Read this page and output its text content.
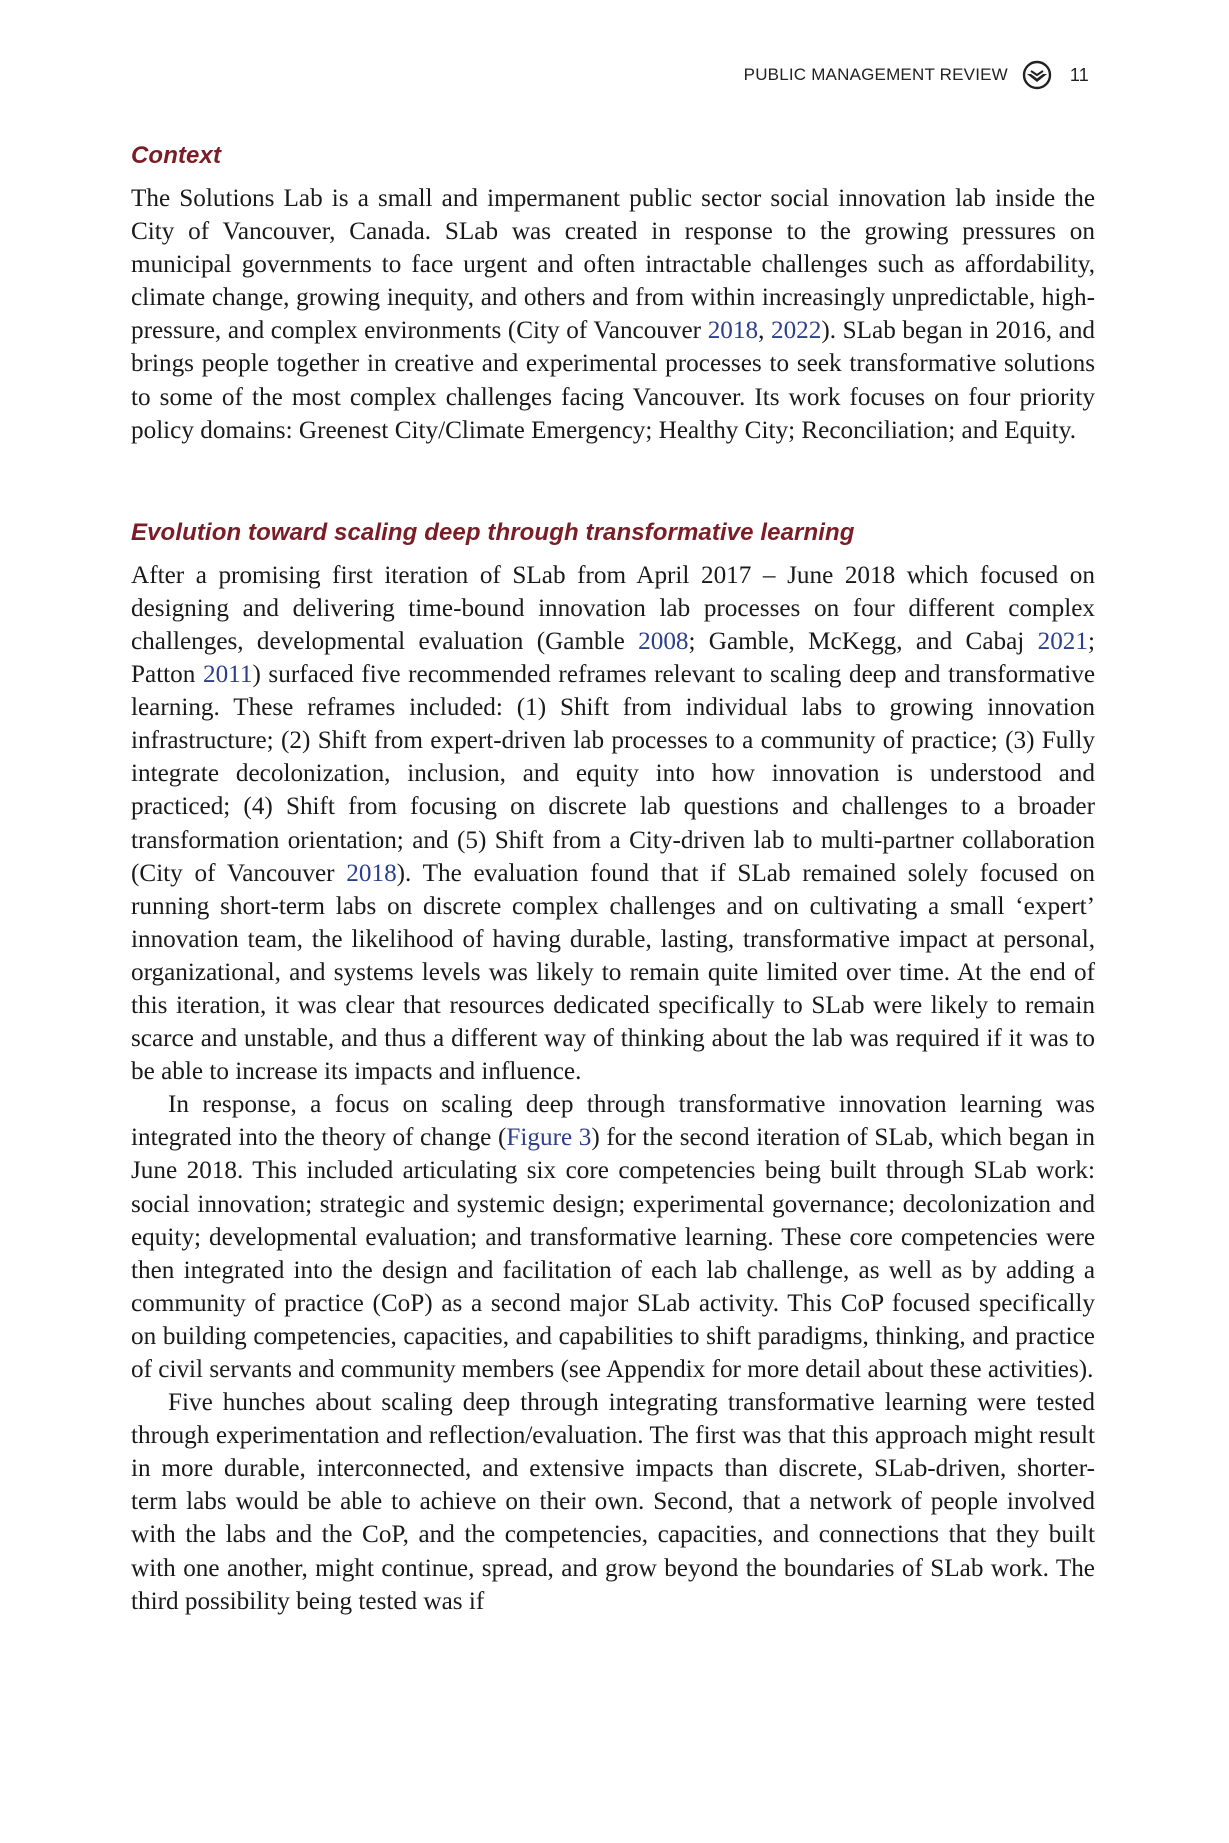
PUBLIC MANAGEMENT REVIEW	11
Context

The Solutions Lab is a small and impermanent public sector social innovation lab inside the City of Vancouver, Canada. SLab was created in response to the growing pressures on municipal governments to face urgent and often intractable challenges such as affordability, climate change, growing inequity, and others and from within increasingly unpredictable, high-pressure, and complex environments (City of Vancouver 2018, 2022). SLab began in 2016, and brings people together in creative and experimental processes to seek transformative solutions to some of the most complex challenges facing Vancouver. Its work focuses on four priority policy domains: Greenest City/Climate Emergency; Healthy City; Reconciliation; and Equity.

Evolution toward scaling deep through transformative learning

After a promising first iteration of SLab from April 2017 – June 2018 which focused on designing and delivering time-bound innovation lab processes on four different complex challenges, developmental evaluation (Gamble 2008; Gamble, McKegg, and Cabaj 2021; Patton 2011) surfaced five recommended reframes relevant to scaling deep and transformative learning. These reframes included: (1) Shift from individual labs to growing innovation infrastructure; (2) Shift from expert-driven lab processes to a community of practice; (3) Fully integrate decolonization, inclusion, and equity into how innovation is understood and practiced; (4) Shift from focusing on discrete lab questions and challenges to a broader transformation orientation; and (5) Shift from a City-driven lab to multi-partner collaboration (City of Vancouver 2018). The evaluation found that if SLab remained solely focused on running short-term labs on discrete complex challenges and on cultivating a small ‘expert’ innovation team, the likelihood of having durable, lasting, transformative impact at personal, organizational, and systems levels was likely to remain quite limited over time. At the end of this iteration, it was clear that resources dedicated specifically to SLab were likely to remain scarce and unstable, and thus a different way of thinking about the lab was required if it was to be able to increase its impacts and influence.

In response, a focus on scaling deep through transformative innovation learning was integrated into the theory of change (Figure 3) for the second iteration of SLab, which began in June 2018. This included articulating six core competencies being built through SLab work: social innovation; strategic and systemic design; experimental governance; decolonization and equity; developmental evaluation; and transformative learning. These core competencies were then integrated into the design and facilitation of each lab challenge, as well as by adding a community of practice (CoP) as a second major SLab activity. This CoP focused specifically on building competencies, capacities, and capabilities to shift paradigms, thinking, and practice of civil servants and community members (see Appendix for more detail about these activities).

Five hunches about scaling deep through integrating transformative learning were tested through experimentation and reflection/evaluation. The first was that this approach might result in more durable, interconnected, and extensive impacts than discrete, SLab-driven, shorter-term labs would be able to achieve on their own. Second, that a network of people involved with the labs and the CoP, and the competencies, capacities, and connections that they built with one another, might continue, spread, and grow beyond the boundaries of SLab work. The third possibility being tested was if
